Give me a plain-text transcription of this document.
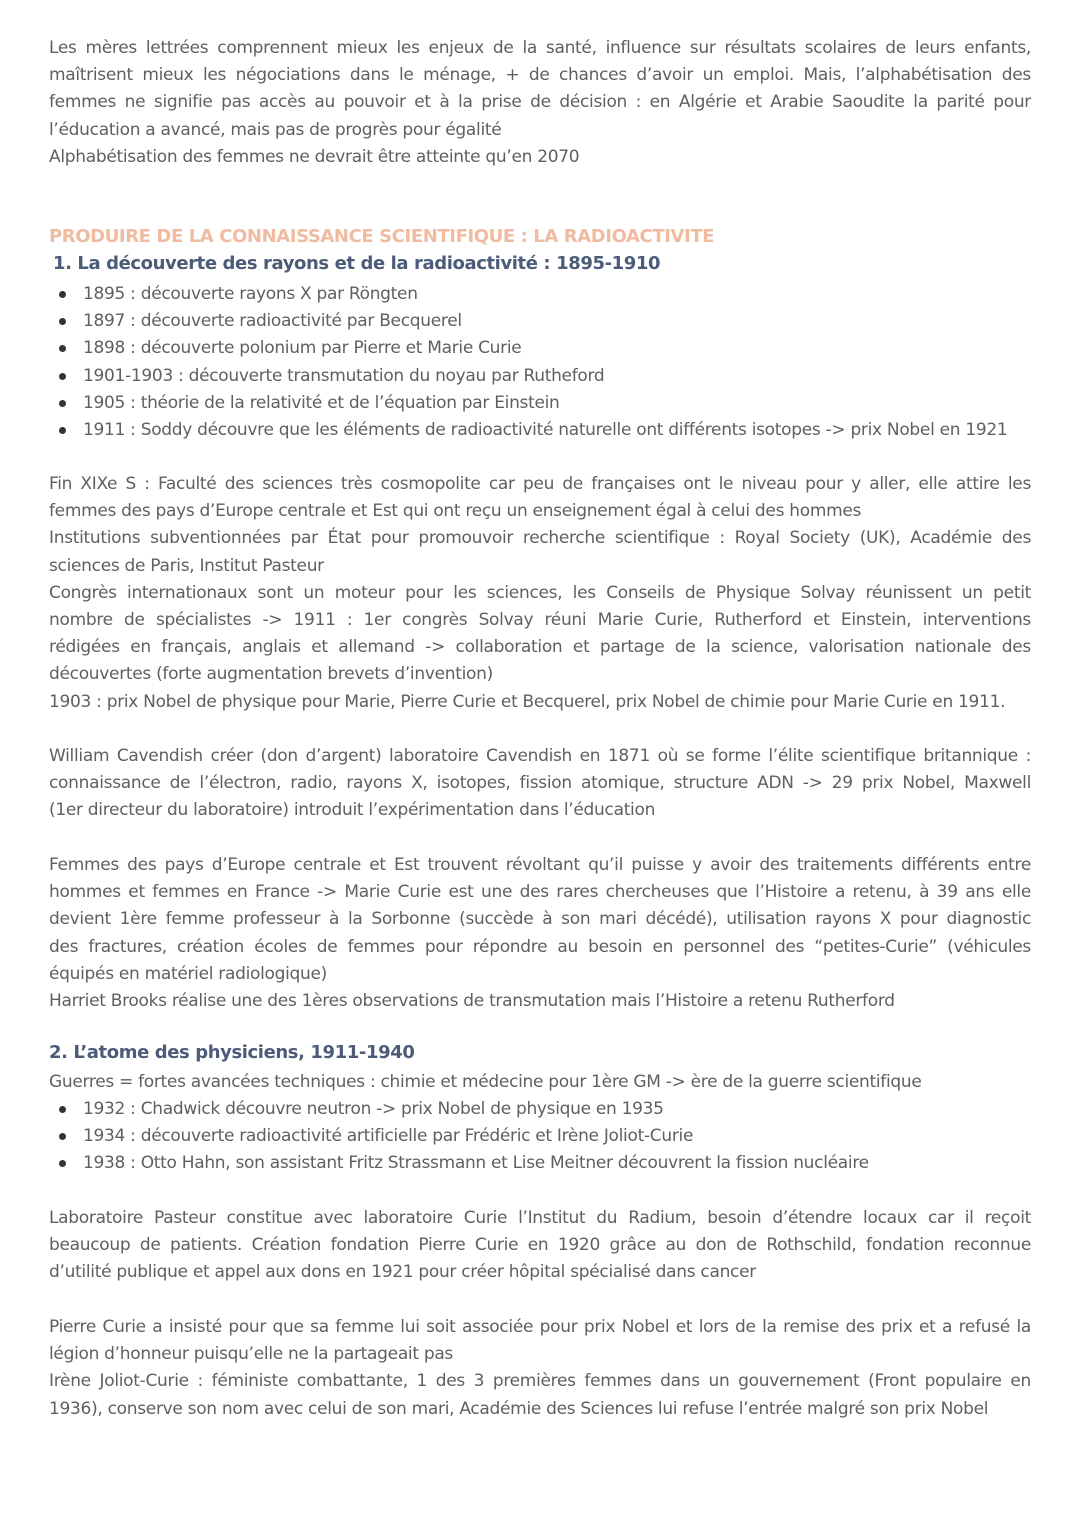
Les mères lettrées comprennent mieux les enjeux de la santé, influence sur résultats scolaires de leurs enfants,
maîtrisent mieux les négociations dans le ménage, + de chances d’avoir un emploi. Mais, l’alphabétisation des
femmes ne signifie pas accès au pouvoir et à la prise de décision : en Algérie et Arabie Saoudite la parité pour
l’éducation a avancé, mais pas de progrès pour égalité
Alphabétisation des femmes ne devrait être atteinte qu’en 2070
PRODUIRE DE LA CONNAISSANCE SCIENTIFIQUE : LA RADIOACTIVITE
1. La découverte des rayons et de la radioactivité : 1895-1910
1895 : découverte rayons X par Röngten
1897 : découverte radioactivité par Becquerel
1898 : découverte polonium par Pierre et Marie Curie
1901-1903 : découverte transmutation du noyau par Rutheford
1905 : théorie de la relativité et de l’équation par Einstein
1911 : Soddy découvre que les éléments de radioactivité naturelle ont différents isotopes -> prix Nobel en 1921
Fin XIXe S : Faculté des sciences très cosmopolite car peu de françaises ont le niveau pour y aller, elle attire les
femmes des pays d’Europe centrale et Est qui ont reçu un enseignement égal à celui des hommes
Institutions subventionnées par État pour promouvoir recherche scientifique : Royal Society (UK), Académie des
sciences de Paris, Institut Pasteur
Congrès internationaux sont un moteur pour les sciences, les Conseils de Physique Solvay réunissent un petit
nombre de spécialistes -> 1911 : 1er congrès Solvay réuni Marie Curie, Rutherford et Einstein, interventions
rédigées en français, anglais et allemand -> collaboration et partage de la science, valorisation nationale des
découvertes (forte augmentation brevets d’invention)
1903 : prix Nobel de physique pour Marie, Pierre Curie et Becquerel, prix Nobel de chimie pour Marie Curie en 1911.
William Cavendish créer (don d’argent) laboratoire Cavendish en 1871 où se forme l’élite scientifique britannique :
connaissance de l’électron, radio, rayons X, isotopes, fission atomique, structure ADN -> 29 prix Nobel, Maxwell
(1er directeur du laboratoire) introduit l’expérimentation dans l’éducation
Femmes des pays d’Europe centrale et Est trouvent révoltant qu’il puisse y avoir des traitements différents entre
hommes et femmes en France -> Marie Curie est une des rares chercheuses que l’Histoire a retenu, à 39 ans elle
devient 1ère femme professeur à la Sorbonne (succède à son mari décédé), utilisation rayons X pour diagnostic
des fractures, création écoles de femmes pour répondre au besoin en personnel des “petites-Curie” (véhicules
équipés en matériel radiologique)
Harriet Brooks réalise une des 1ères observations de transmutation mais l’Histoire a retenu Rutherford
2. L’atome des physiciens, 1911-1940
Guerres = fortes avancées techniques : chimie et médecine pour 1ère GM -> ère de la guerre scientifique
1932 : Chadwick découvre neutron -> prix Nobel de physique en 1935
1934 : découverte radioactivité artificielle par Frédéric et Irène Joliot-Curie
1938 : Otto Hahn, son assistant Fritz Strassmann et Lise Meitner découvrent la fission nucléaire
Laboratoire Pasteur constitue avec laboratoire Curie l’Institut du Radium, besoin d’étendre locaux car il reçoit
beaucoup de patients. Création fondation Pierre Curie en 1920 grâce au don de Rothschild, fondation reconnue
d’utilité publique et appel aux dons en 1921 pour créer hôpital spécialisé dans cancer
Pierre Curie a insisté pour que sa femme lui soit associée pour prix Nobel et lors de la remise des prix et a refusé la
légion d’honneur puisqu’elle ne la partageait pas
Irène Joliot-Curie : féministe combattante, 1 des 3 premières femmes dans un gouvernement (Front populaire en
1936), conserve son nom avec celui de son mari, Académie des Sciences lui refuse l’entrée malgré son prix Nobel
